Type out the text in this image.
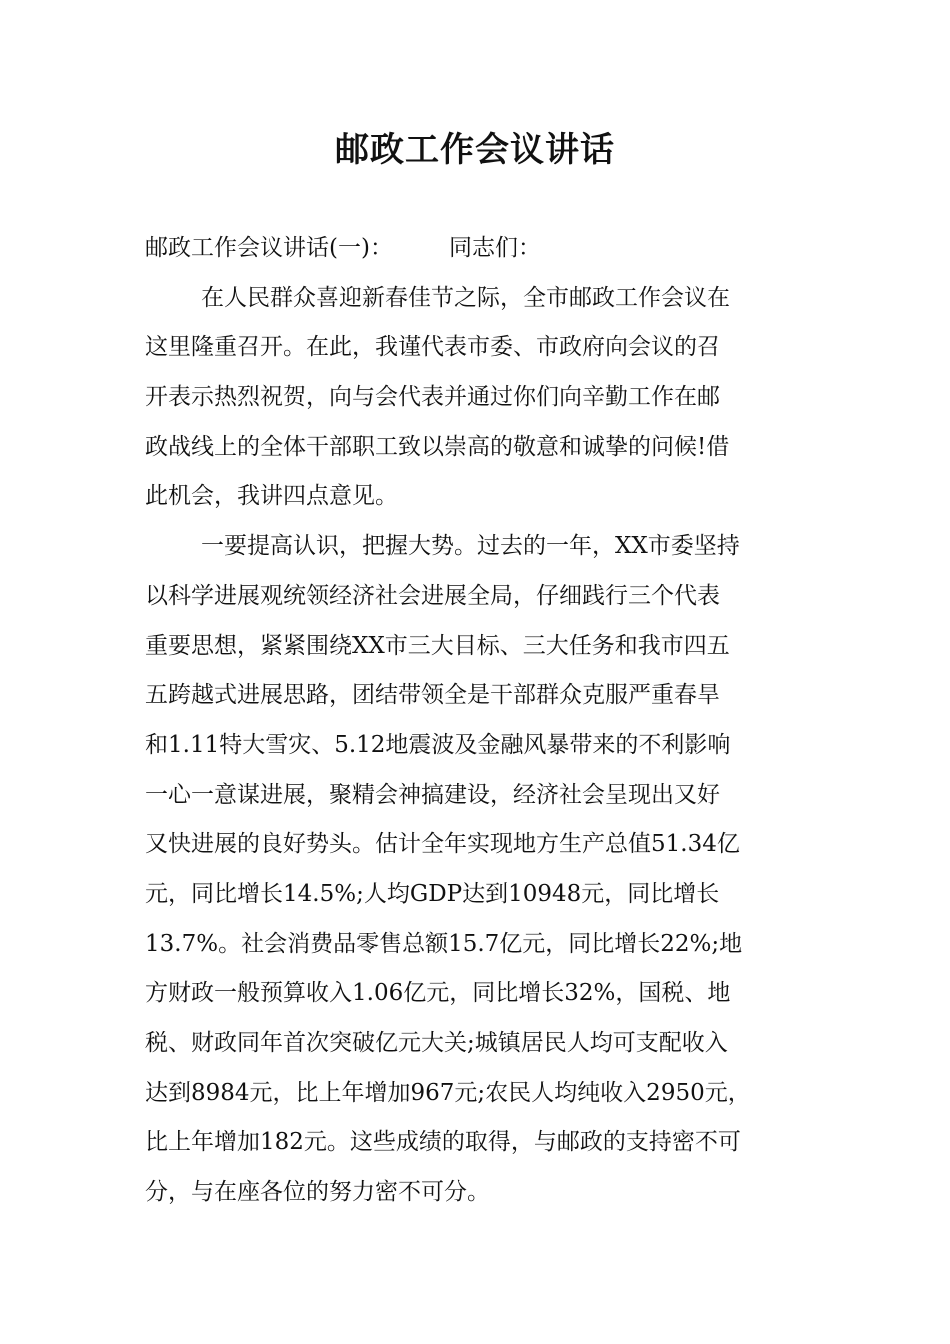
邮政工作会议讲话
邮政工作会议讲话(一)： 同志们：
在人民群众喜迎新春佳节之际，全市邮政工作会议在
这里隆重召开。在此，我谨代表市委、市政府向会议的召
开表示热烈祝贺，向与会代表并通过你们向辛勤工作在邮
政战线上的全体干部职工致以崇高的敬意和诚挚的问候!借
此机会，我讲四点意见。
一要提高认识，把握大势。过去的一年，XX市委坚持
以科学进展观统领经济社会进展全局，仔细践行三个代表
重要思想，紧紧围绕XX市三大目标、三大任务和我市四五
五跨越式进展思路，团结带领全是干部群众克服严重春旱
和1.11特大雪灾、5.12地震波及金融风暴带来的不利影响
一心一意谋进展，聚精会神搞建设，经济社会呈现出又好
又快进展的良好势头。估计全年实现地方生产总值51.34亿
元，同比增长14.5%;人均GDP达到10948元，同比增长
13.7%。社会消费品零售总额15.7亿元，同比增长22%;地
方财政一般预算收入1.06亿元，同比增长32%，国税、地
税、财政同年首次突破亿元大关;城镇居民人均可支配收入
达到8984元，比上年增加967元;农民人均纯收入2950元，
比上年增加182元。这些成绩的取得，与邮政的支持密不可
分，与在座各位的努力密不可分。
